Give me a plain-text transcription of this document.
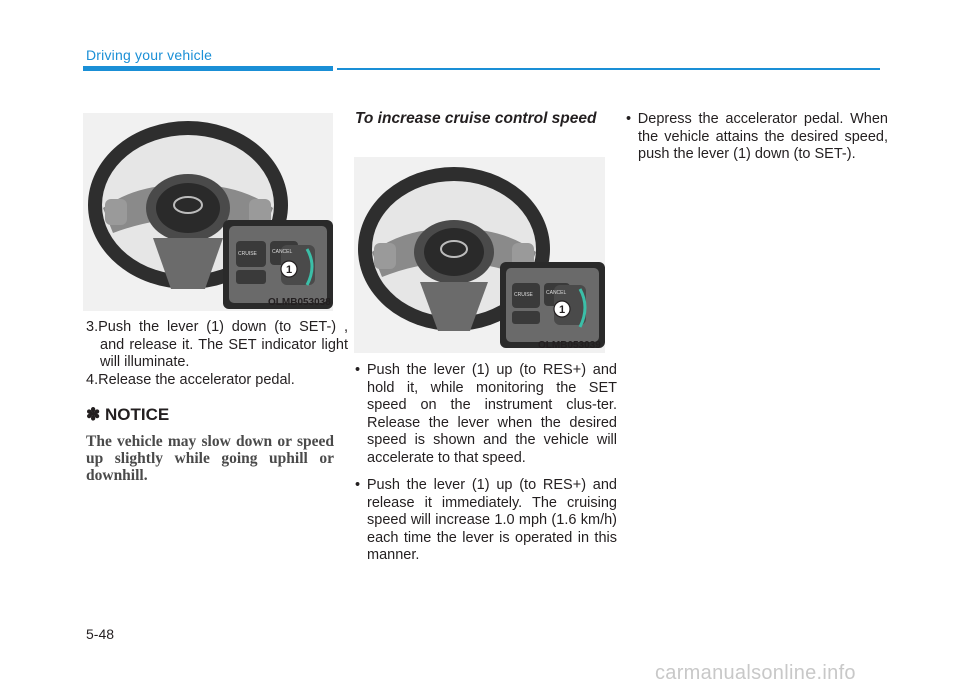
Driving your vehicle
CRUISE	CANCEL
1
OLMB053038
3.Push the lever (1) down (to SET-) , and release it. The SET indicator light will illuminate.
4.Release the accelerator pedal.
✽ NOTICE
The vehicle may slow down or speed up slightly while going uphill or downhill.
To increase cruise control speed
CRUISE	CANCEL
1
OLMB053039
• Push the lever (1) up (to RES+) and hold it, while monitoring the SET speed on the instrument clus-ter. Release the lever when the desired speed is shown and the vehicle will accelerate to that speed.
• Push the lever (1) up (to RES+) and release it immediately. The cruising speed will increase 1.0 mph (1.6 km/h) each time the lever is operated in this manner.
• Depress the accelerator pedal. When the vehicle attains the desired speed, push the lever (1) down (to SET-).
5-48
carmanualsonline.info
